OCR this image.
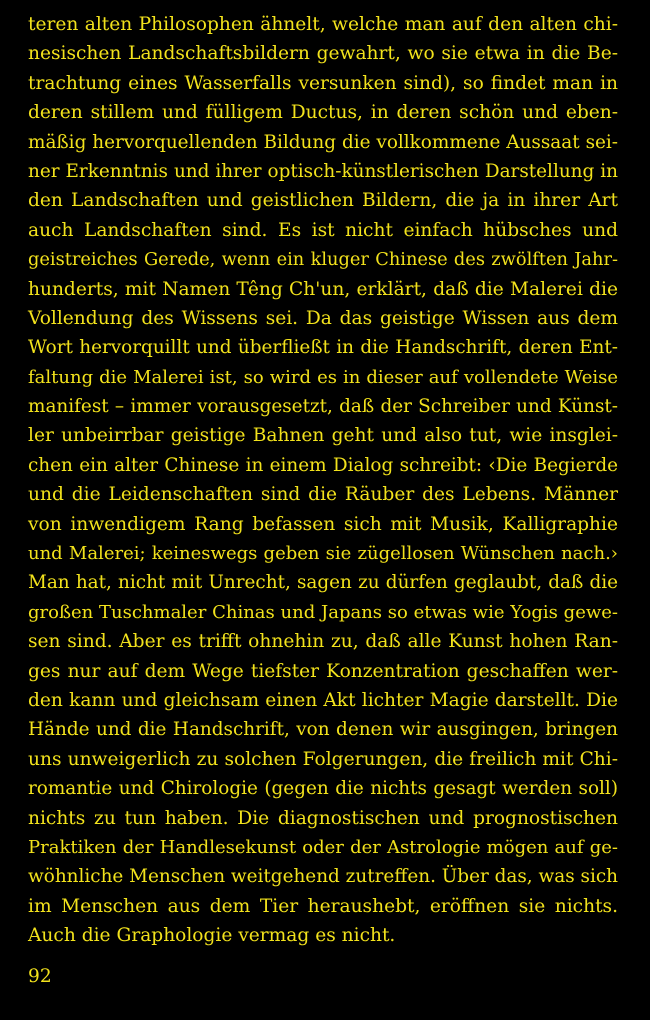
teren alten Philosophen ähnelt, welche man auf den alten chi-
nesischen Landschaftsbildern gewahrt, wo sie etwa in die Be-
trachtung eines Wasserfalls versunken sind), so findet man in
deren stillem und fülligem Ductus, in deren schön und eben-
mäßig hervorquellenden Bildung die vollkommene Aussaat sei-
ner Erkenntnis und ihrer optisch-künstlerischen Darstellung in
den Landschaften und geistlichen Bildern, die ja in ihrer Art
auch Landschaften sind. Es ist nicht einfach hübsches und
geistreiches Gerede, wenn ein kluger Chinese des zwölften Jahr-
hunderts, mit Namen Têng Ch'un, erklärt, daß die Malerei die
Vollendung des Wissens sei. Da das geistige Wissen aus dem
Wort hervorquillt und überfließt in die Handschrift, deren Ent-
faltung die Malerei ist, so wird es in dieser auf vollendete Weise
manifest – immer vorausgesetzt, daß der Schreiber und Künst-
ler unbeirrbar geistige Bahnen geht und also tut, wie insglei-
chen ein alter Chinese in einem Dialog schreibt: ‹Die Begierde
und die Leidenschaften sind die Räuber des Lebens. Männer
von inwendigem Rang befassen sich mit Musik, Kalligraphie
und Malerei; keineswegs geben sie zügellosen Wünschen nach.›
Man hat, nicht mit Unrecht, sagen zu dürfen geglaubt, daß die
großen Tuschmaler Chinas und Japans so etwas wie Yogis gewe-
sen sind. Aber es trifft ohnehin zu, daß alle Kunst hohen Ran-
ges nur auf dem Wege tiefster Konzentration geschaffen wer-
den kann und gleichsam einen Akt lichter Magie darstellt. Die
Hände und die Handschrift, von denen wir ausgingen, bringen
uns unweigerlich zu solchen Folgerungen, die freilich mit Chi-
romantie und Chirologie (gegen die nichts gesagt werden soll)
nichts zu tun haben. Die diagnostischen und prognostischen
Praktiken der Handlesekunst oder der Astrologie mögen auf ge-
wöhnliche Menschen weitgehend zutreffen. Über das, was sich
im Menschen aus dem Tier heraushebt, eröffnen sie nichts.
Auch die Graphologie vermag es nicht.
92
